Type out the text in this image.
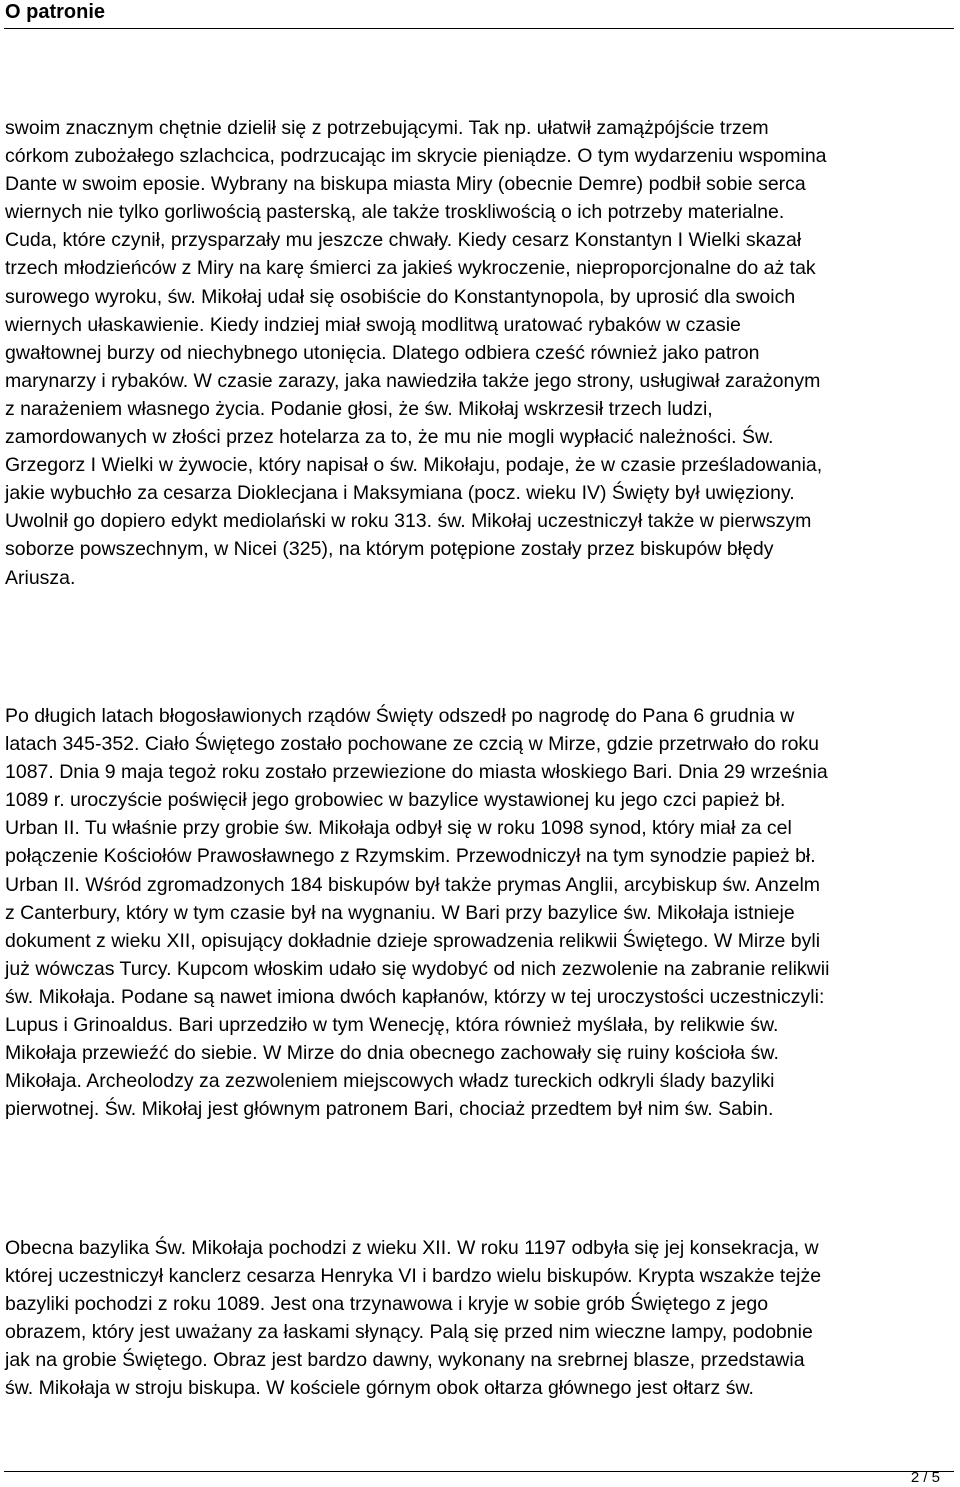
O patronie

swoim znacznym chętnie dzielił się z potrzebującymi. Tak np. ułatwił zamążpójście trzem
córkom zubożałego szlachcica, podrzucając im skrycie pieniądze. O tym wydarzeniu wspomina
Dante w swoim eposie. Wybrany na biskupa miasta Miry (obecnie Demre) podbił sobie serca
wiernych nie tylko gorliwością pasterską, ale także troskliwością o ich potrzeby materialne.
Cuda, które czynił, przysparzały mu jeszcze chwały. Kiedy cesarz Konstantyn I Wielki skazał
trzech młodzieńców z Miry na karę śmierci za jakieś wykroczenie, nieproporcjonalne do aż tak
surowego wyroku, św. Mikołaj udał się osobiście do Konstantynopola, by uprosić dla swoich
wiernych ułaskawienie. Kiedy indziej miał swoją modlitwą uratować rybaków w czasie
gwałtownej burzy od niechybnego utonięcia. Dlatego odbiera cześć również jako patron
marynarzy i rybaków. W czasie zarazy, jaka nawiedziła także jego strony, usługiwał zarażonym
z narażeniem własnego życia. Podanie głosi, że św. Mikołaj wskrzesił trzech ludzi,
zamordowanych w złości przez hotelarza za to, że mu nie mogli wypłacić należności. Św.
Grzegorz I Wielki w żywocie, który napisał o św. Mikołaju, podaje, że w czasie prześladowania,
jakie wybuchło za cesarza Dioklecjana i Maksymiana (pocz. wieku IV) Święty był uwięziony.
Uwolnił go dopiero edykt mediolański w roku 313. św. Mikołaj uczestniczył także w pierwszym
soborze powszechnym, w Nicei (325), na którym potępione zostały przez biskupów błędy
Ariusza.

Po długich latach błogosławionych rządów Święty odszedł po nagrodę do Pana 6 grudnia w
latach 345-352. Ciało Świętego zostało pochowane ze czcią w Mirze, gdzie przetrwało do roku
1087. Dnia 9 maja tegoż roku zostało przewiezione do miasta włoskiego Bari. Dnia 29 września
1089 r. uroczyście poświęcił jego grobowiec w bazylice wystawionej ku jego czci papież bł.
Urban II. Tu właśnie przy grobie św. Mikołaja odbył się w roku 1098 synod, który miał za cel
połączenie Kościołów Prawosławnego z Rzymskim. Przewodniczył na tym synodzie papież bł.
Urban II. Wśród zgromadzonych 184 biskupów był także prymas Anglii, arcybiskup św. Anzelm
z Canterbury, który w tym czasie był na wygnaniu. W Bari przy bazylice św. Mikołaja istnieje
dokument z wieku XII, opisujący dokładnie dzieje sprowadzenia relikwii Świętego. W Mirze byli
już wówczas Turcy. Kupcom włoskim udało się wydobyć od nich zezwolenie na zabranie relikwii
św. Mikołaja. Podane są nawet imiona dwóch kapłanów, którzy w tej uroczystości uczestniczyli:
Lupus i Grinoaldus. Bari uprzedziło w tym Wenecję, która również myślała, by relikwie św.
Mikołaja przewieźć do siebie. W Mirze do dnia obecnego zachowały się ruiny kościoła św.
Mikołaja. Archeolodzy za zezwoleniem miejscowych władz tureckich odkryli ślady bazyliki
pierwotnej. Św. Mikołaj jest głównym patronem Bari, chociaż przedtem był nim św. Sabin.

Obecna bazylika Św. Mikołaja pochodzi z wieku XII. W roku 1197 odbyła się jej konsekracja, w
której uczestniczył kanclerz cesarza Henryka VI i bardzo wielu biskupów. Krypta wszakże tejże
bazyliki pochodzi z roku 1089. Jest ona trzynawowa i kryje w sobie grób Świętego z jego
obrazem, który jest uważany za łaskami słynący. Palą się przed nim wieczne lampy, podobnie
jak na grobie Świętego. Obraz jest bardzo dawny, wykonany na srebrnej blasze, przedstawia
św. Mikołaja w stroju biskupa. W kościele górnym obok ołtarza głównego jest ołtarz św.

2 / 5
